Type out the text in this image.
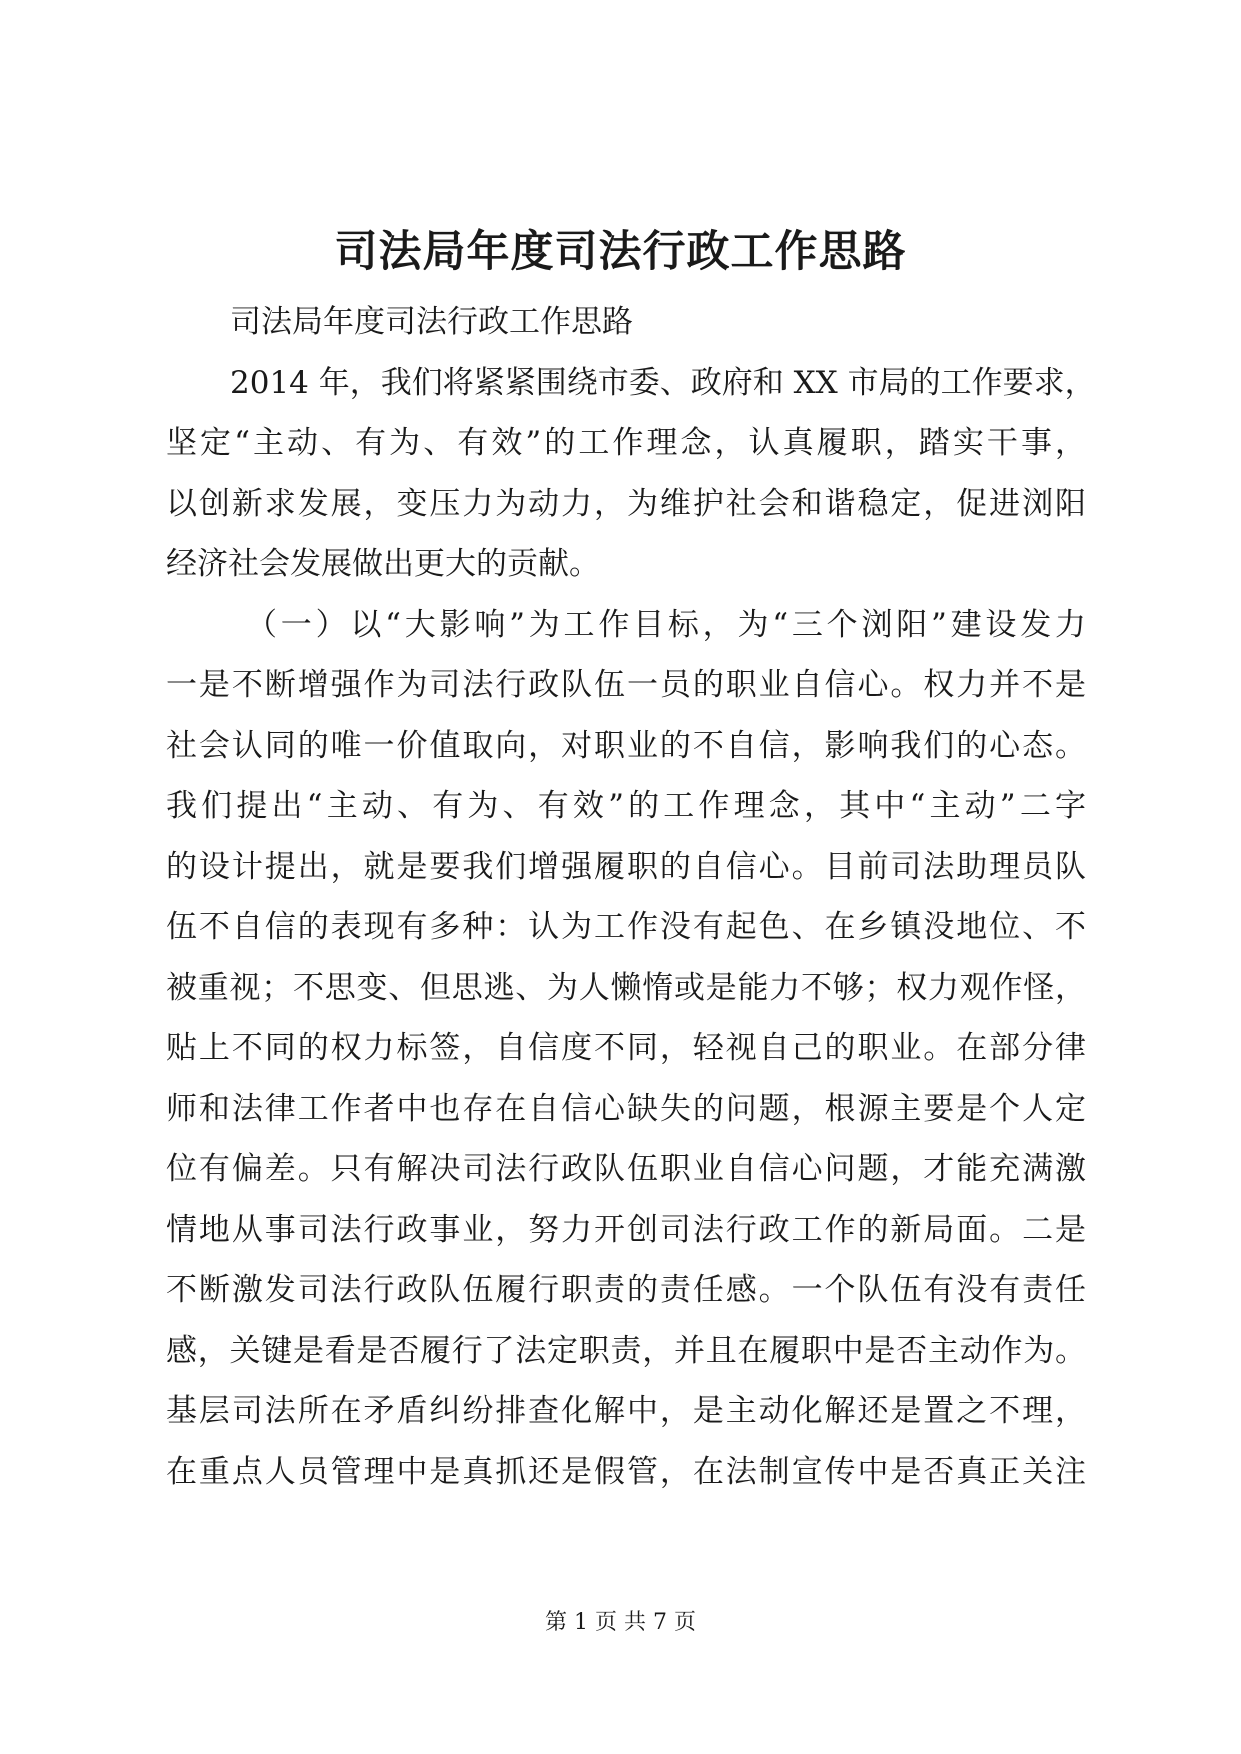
司法局年度司法行政工作思路
司法局年度司法行政工作思路
2014 年，我们将紧紧围绕市委、政府和 XX 市局的工作要求，
坚定“主动、有为、有效”的工作理念，认真履职，踏实干事，
以创新求发展，变压力为动力，为维护社会和谐稳定，促进浏阳
经济社会发展做出更大的贡献。
（一）以“大影响”为工作目标，为“三个浏阳”建设发力
一是不断增强作为司法行政队伍一员的职业自信心。权力并不是
社会认同的唯一价值取向，对职业的不自信，影响我们的心态。
我们提出“主动、有为、有效”的工作理念，其中“主动”二字
的设计提出，就是要我们增强履职的自信心。目前司法助理员队
伍不自信的表现有多种：认为工作没有起色、在乡镇没地位、不
被重视；不思变、但思逃、为人懒惰或是能力不够；权力观作怪，
贴上不同的权力标签，自信度不同，轻视自己的职业。在部分律
师和法律工作者中也存在自信心缺失的问题，根源主要是个人定
位有偏差。只有解决司法行政队伍职业自信心问题，才能充满激
情地从事司法行政事业，努力开创司法行政工作的新局面。二是
不断激发司法行政队伍履行职责的责任感。一个队伍有没有责任
感，关键是看是否履行了法定职责，并且在履职中是否主动作为。
基层司法所在矛盾纠纷排查化解中，是主动化解还是置之不理，
在重点人员管理中是真抓还是假管，在法制宣传中是否真正关注
第 1 页 共 7 页
